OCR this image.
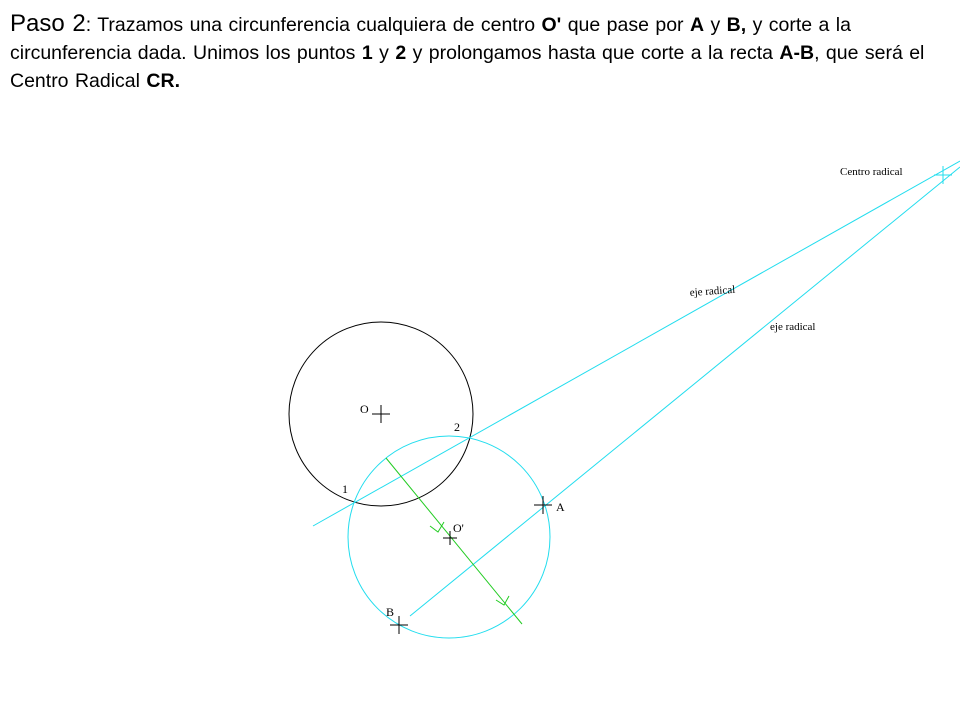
Paso 2: Trazamos una circunferencia cualquiera de centro O' que pase por A y B, y corte a la circunferencia dada. Unimos los puntos 1 y 2 y prolongamos hasta que corte a la recta A-B, que será el Centro Radical CR.
O
O'
A
B
1
2
Centro radical
eje radical
eje radical
